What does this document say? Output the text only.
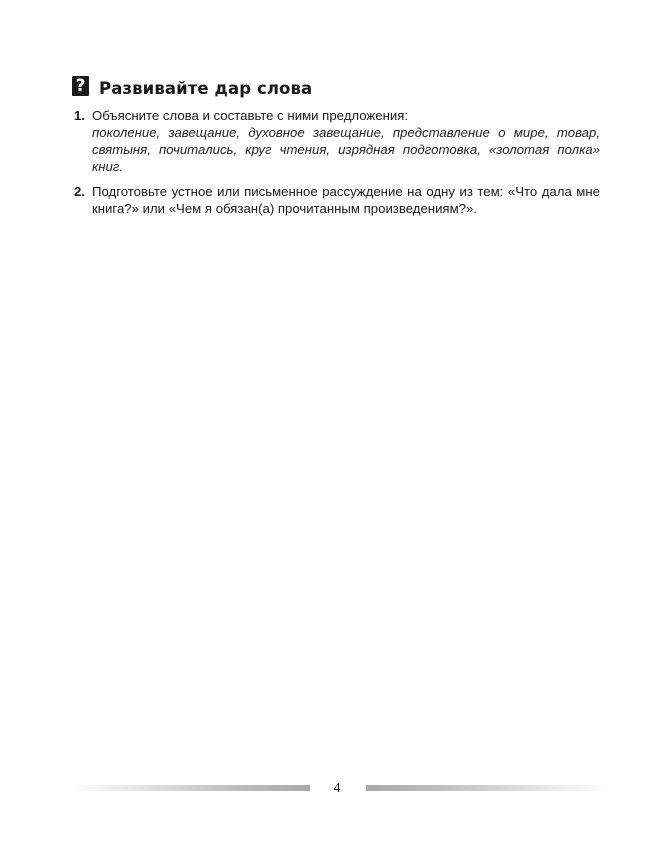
? Развивайте дар слова
1. Объясните слова и составьте с ними предложения:
поколение, завещание, духовное завещание, представление о мире, товар, святыня, почитались, круг чтения, изрядная подготовка, «золотая полка» книг.
2. Подготовьте устное или письменное рассуждение на одну из тем: «Что дала мне книга?» или «Чем я обязан(а) прочитанным произведениям?».
4
